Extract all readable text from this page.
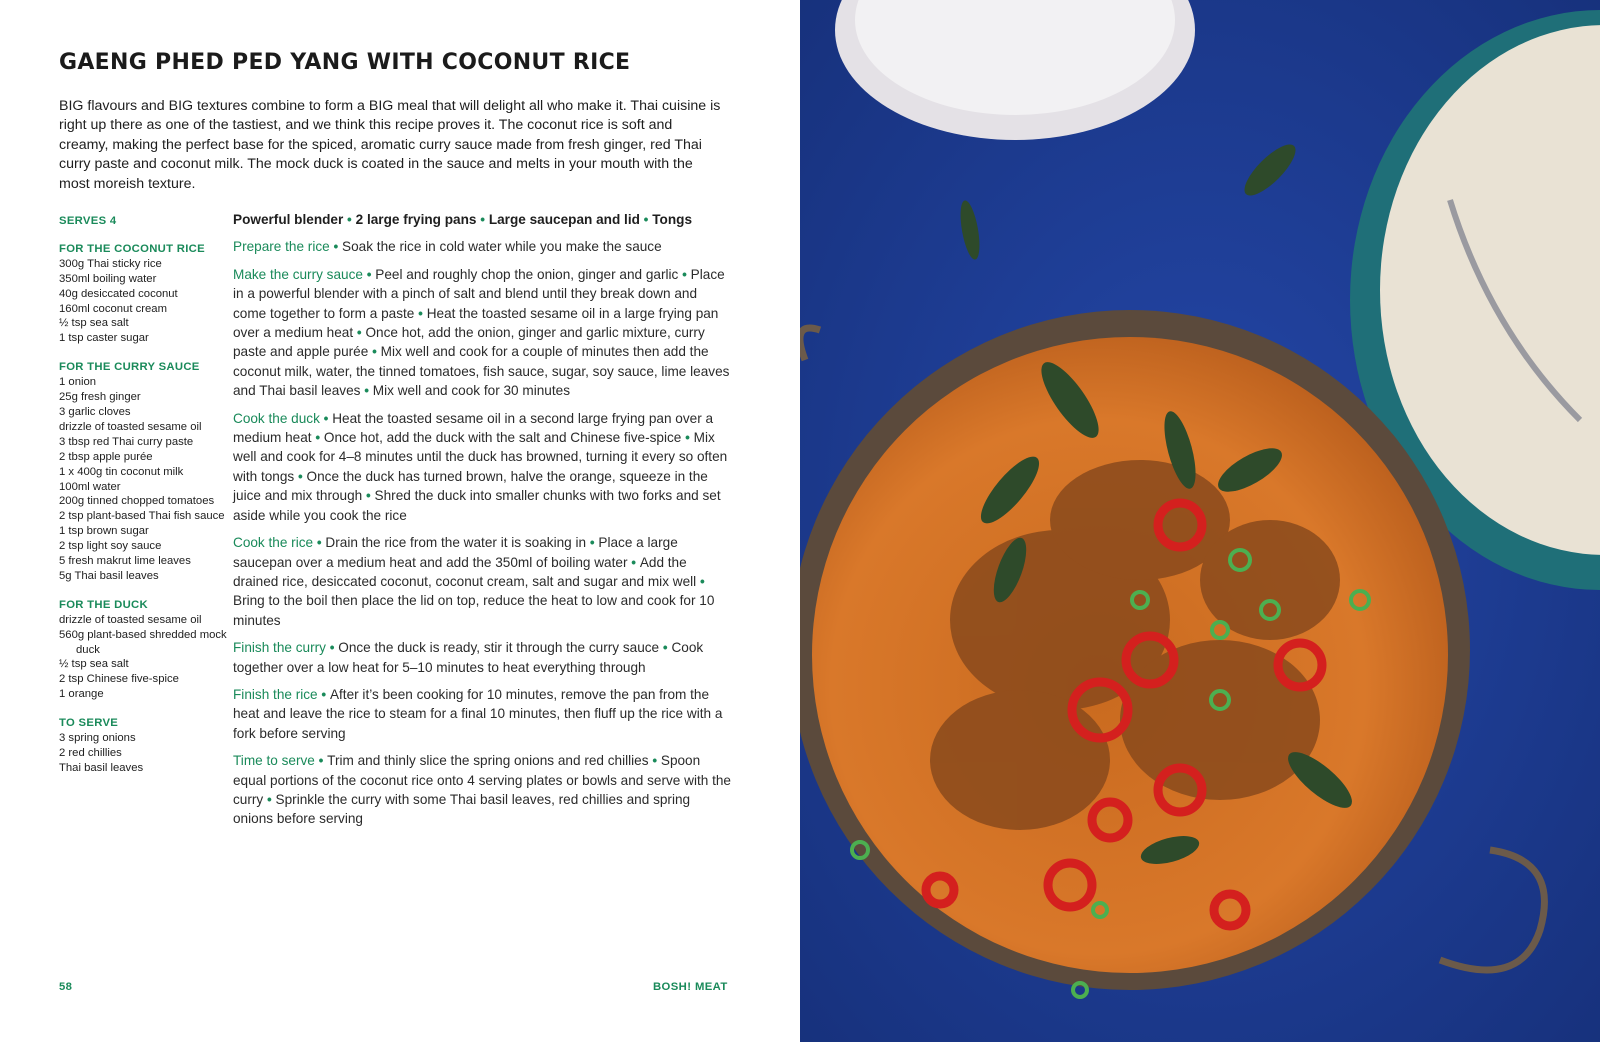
GAENG PHED PED YANG WITH COCONUT RICE

BIG flavours and BIG textures combine to form a BIG meal that will delight all who make it. Thai cuisine is right up there as one of the tastiest, and we think this recipe proves it. The coconut rice is soft and creamy, making the perfect base for the spiced, aromatic curry sauce made from fresh ginger, red Thai curry paste and coconut milk. The mock duck is coated in the sauce and melts in your mouth with the most moreish texture.

SERVES 4
FOR THE COCONUT RICE
300g Thai sticky rice
350ml boiling water
40g desiccated coconut
160ml coconut cream
½ tsp sea salt
1 tsp caster sugar
FOR THE CURRY SAUCE
1 onion
25g fresh ginger
3 garlic cloves
drizzle of toasted sesame oil
3 tbsp red Thai curry paste
2 tbsp apple purée
1 x 400g tin coconut milk
100ml water
200g tinned chopped tomatoes
2 tsp plant-based Thai fish sauce
1 tsp brown sugar
2 tsp light soy sauce
5 fresh makrut lime leaves
5g Thai basil leaves
FOR THE DUCK
drizzle of toasted sesame oil
560g plant-based shredded mock duck
½ tsp sea salt
2 tsp Chinese five-spice
1 orange
TO SERVE
3 spring onions
2 red chillies
Thai basil leaves

Powerful blender • 2 large frying pans • Large saucepan and lid • Tongs

Prepare the rice • Soak the rice in cold water while you make the sauce

Make the curry sauce • Peel and roughly chop the onion, ginger and garlic • Place in a powerful blender with a pinch of salt and blend until they break down and come together to form a paste • Heat the toasted sesame oil in a large frying pan over a medium heat • Once hot, add the onion, ginger and garlic mixture, curry paste and apple purée • Mix well and cook for a couple of minutes then add the coconut milk, water, the tinned tomatoes, fish sauce, sugar, soy sauce, lime leaves and Thai basil leaves • Mix well and cook for 30 minutes

Cook the duck • Heat the toasted sesame oil in a second large frying pan over a medium heat • Once hot, add the duck with the salt and Chinese five-spice • Mix well and cook for 4–8 minutes until the duck has browned, turning it every so often with tongs • Once the duck has turned brown, halve the orange, squeeze in the juice and mix through • Shred the duck into smaller chunks with two forks and set aside while you cook the rice

Cook the rice • Drain the rice from the water it is soaking in • Place a large saucepan over a medium heat and add the 350ml of boiling water • Add the drained rice, desiccated coconut, coconut cream, salt and sugar and mix well • Bring to the boil then place the lid on top, reduce the heat to low and cook for 10 minutes

Finish the curry • Once the duck is ready, stir it through the curry sauce • Cook together over a low heat for 5–10 minutes to heat everything through

Finish the rice • After it’s been cooking for 10 minutes, remove the pan from the heat and leave the rice to steam for a final 10 minutes, then fluff up the rice with a fork before serving

Time to serve • Trim and thinly slice the spring onions and red chillies • Spoon equal portions of the coconut rice onto 4 serving plates or bowls and serve with the curry • Sprinkle the curry with some Thai basil leaves, red chillies and spring onions before serving

58	BOSH! MEAT
